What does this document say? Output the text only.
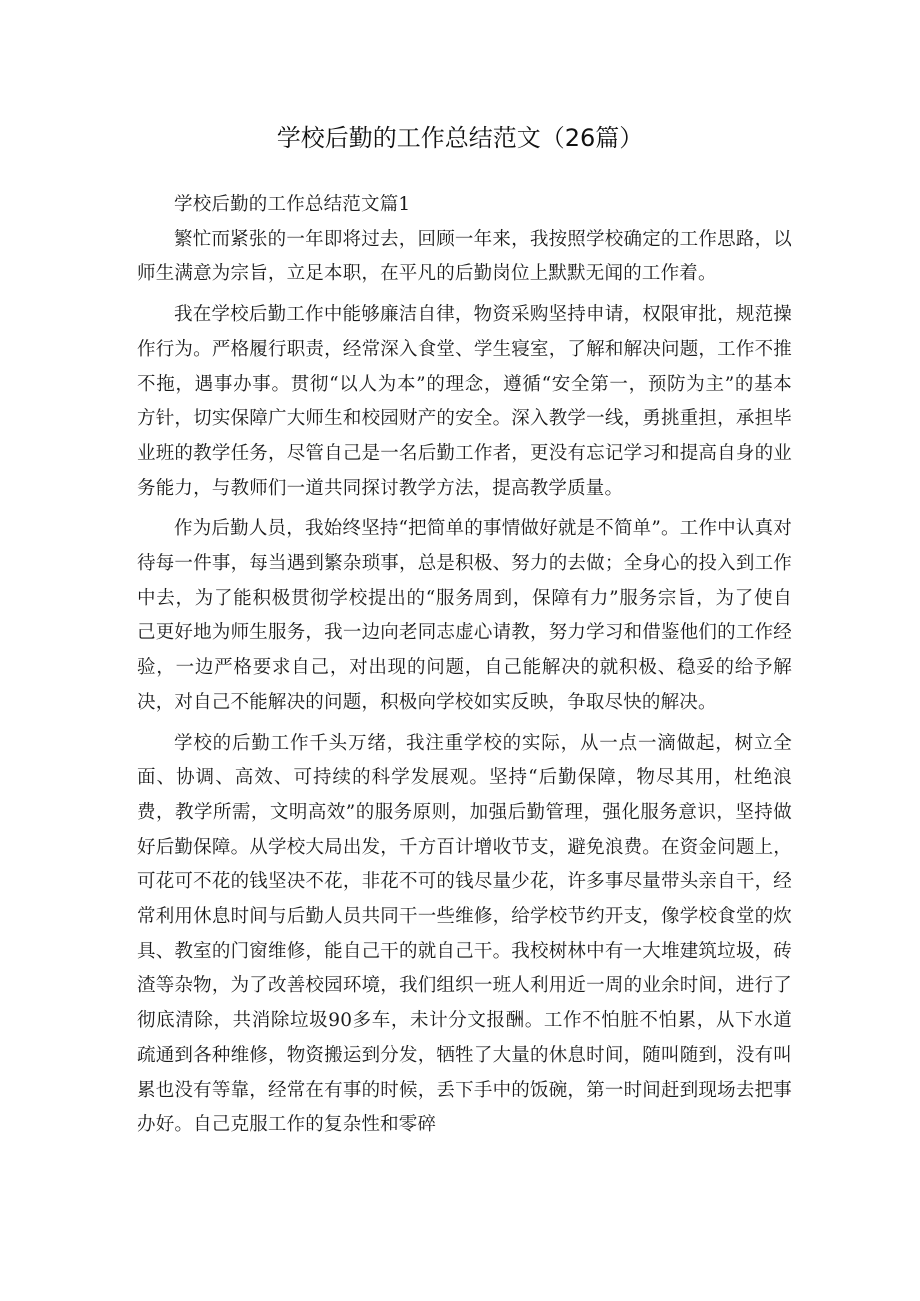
学校后勤的工作总结范文（26篇）

学校后勤的工作总结范文篇1

繁忙而紧张的一年即将过去，回顾一年来，我按照学校确定的工作思路，以师生满意为宗旨，立足本职，在平凡的后勤岗位上默默无闻的工作着。

我在学校后勤工作中能够廉洁自律，物资采购坚持申请，权限审批，规范操作行为。严格履行职责，经常深入食堂、学生寝室，了解和解决问题，工作不推不拖，遇事办事。贯彻“以人为本”的理念，遵循“安全第一，预防为主”的基本方针，切实保障广大师生和校园财产的安全。深入教学一线，勇挑重担，承担毕业班的教学任务，尽管自己是一名后勤工作者，更没有忘记学习和提高自身的业务能力，与教师们一道共同探讨教学方法，提高教学质量。

作为后勤人员，我始终坚持“把简单的事情做好就是不简单”。工作中认真对待每一件事，每当遇到繁杂琐事，总是积极、努力的去做；全身心的投入到工作中去，为了能积极贯彻学校提出的“服务周到，保障有力”服务宗旨，为了使自己更好地为师生服务，我一边向老同志虚心请教，努力学习和借鉴他们的工作经验，一边严格要求自己，对出现的问题，自己能解决的就积极、稳妥的给予解决，对自己不能解决的问题，积极向学校如实反映，争取尽快的解决。

学校的后勤工作千头万绪，我注重学校的实际，从一点一滴做起，树立全面、协调、高效、可持续的科学发展观。坚持“后勤保障，物尽其用，杜绝浪费，教学所需，文明高效”的服务原则，加强后勤管理，强化服务意识，坚持做好后勤保障。从学校大局出发，千方百计增收节支，避免浪费。在资金问题上，可花可不花的钱坚决不花，非花不可的钱尽量少花，许多事尽量带头亲自干，经常利用休息时间与后勤人员共同干一些维修，给学校节约开支，像学校食堂的炊具、教室的门窗维修，能自己干的就自己干。我校树林中有一大堆建筑垃圾，砖渣等杂物，为了改善校园环境，我们组织一班人利用近一周的业余时间，进行了彻底清除，共消除垃圾90多车，未计分文报酬。工作不怕脏不怕累，从下水道疏通到各种维修，物资搬运到分发，牺牲了大量的休息时间，随叫随到，没有叫累也没有等靠，经常在有事的时候，丢下手中的饭碗，第一时间赶到现场去把事办好。自己克服工作的复杂性和零碎
